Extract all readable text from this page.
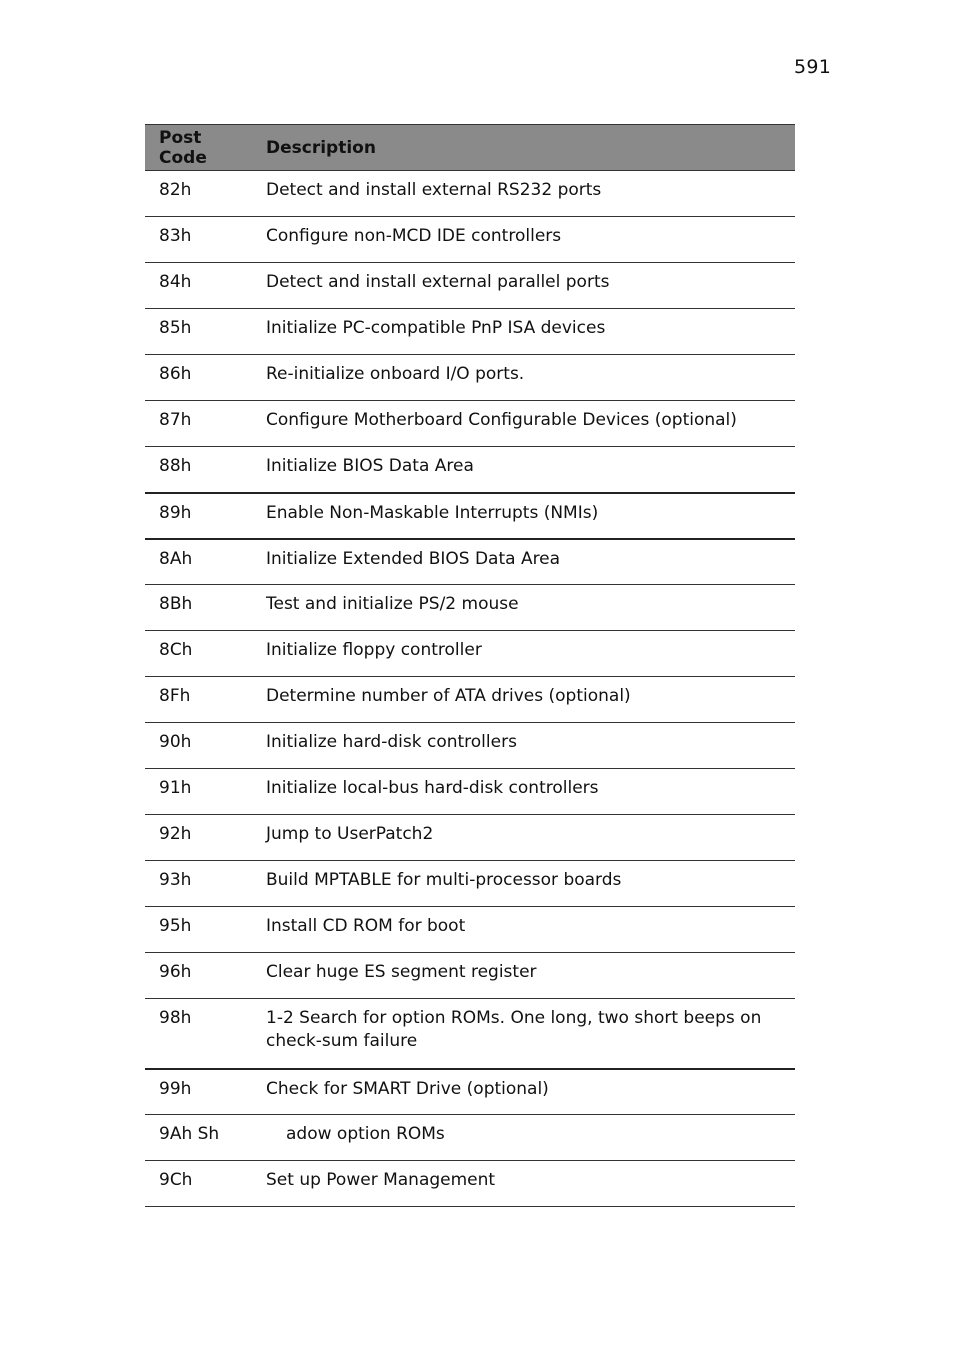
591
Post Code	Description
82h	Detect and install external RS232 ports
83h	Configure non-MCD IDE controllers
84h	Detect and install external parallel ports
85h	Initialize PC-compatible PnP ISA devices
86h	Re-initialize onboard I/O ports.
87h	Configure Motherboard Configurable Devices (optional)
88h	Initialize BIOS Data Area
89h	Enable Non-Maskable Interrupts (NMIs)
8Ah	Initialize Extended BIOS Data Area
8Bh	Test and initialize PS/2 mouse
8Ch	Initialize floppy controller
8Fh	Determine number of ATA drives (optional)
90h	Initialize hard-disk controllers
91h	Initialize local-bus hard-disk controllers
92h	Jump to UserPatch2
93h	Build MPTABLE for multi-processor boards
95h	Install CD ROM for boot
96h	Clear huge ES segment register
98h	1-2 Search for option ROMs. One long, two short beeps on check-sum failure
99h	Check for SMART Drive (optional)
9Ah Sh	adow option ROMs
9Ch	Set up Power Management
